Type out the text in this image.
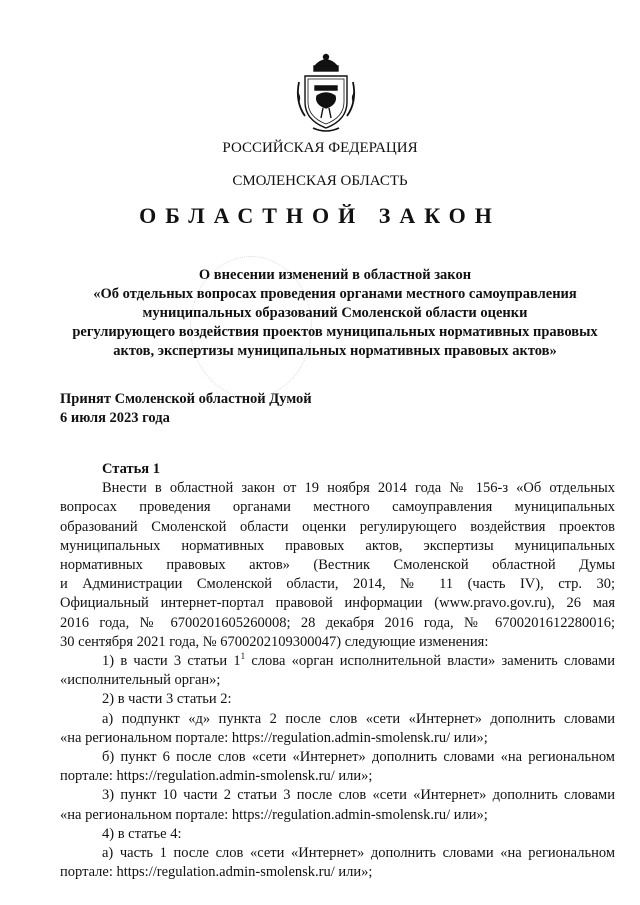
РОССИЙСКАЯ ФЕДЕРАЦИЯ
СМОЛЕНСКАЯ ОБЛАСТЬ
ОБЛАСТНОЙ ЗАКОН
О внесении изменений в областной закон
«Об отдельных вопросах проведения органами местного самоуправления
муниципальных образований Смоленской области оценки
регулирующего воздействия проектов муниципальных нормативных правовых
актов, экспертизы муниципальных нормативных правовых актов»
Принят Смоленской областной Думой
6 июля 2023 года
Статья 1
Внести в областной закон от 19 ноября 2014 года № 156-з «Об отдельных
вопросах проведения органами местного самоуправления муниципальных
образований Смоленской области оценки регулирующего воздействия проектов
муниципальных нормативных правовых актов, экспертизы муниципальных
нормативных правовых актов» (Вестник Смоленской областной Думы
и Администрации Смоленской области, 2014, № 11 (часть IV), стр. 30;
Официальный интернет-портал правовой информации (www.pravo.gov.ru), 26 мая
2016 года, № 6700201605260008; 28 декабря 2016 года, № 6700201612280016;
30 сентября 2021 года, № 6700202109300047) следующие изменения:
1) в части 3 статьи $1^1$ слова «орган исполнительной власти» заменить словами
«исполнительный орган»;
2) в части 3 статьи 2:
а) подпункт «д» пункта 2 после слов «сети «Интернет» дополнить словами
«на региональном портале: https://regulation.admin-smolensk.ru/ или»;
б) пункт 6 после слов «сети «Интернет» дополнить словами «на региональном
портале: https://regulation.admin-smolensk.ru/ или»;
3) пункт 10 части 2 статьи 3 после слов «сети «Интернет» дополнить словами
«на региональном портале: https://regulation.admin-smolensk.ru/ или»;
4) в статье 4:
а) часть 1 после слов «сети «Интернет» дополнить словами «на региональном
портале: https://regulation.admin-smolensk.ru/ или»;
